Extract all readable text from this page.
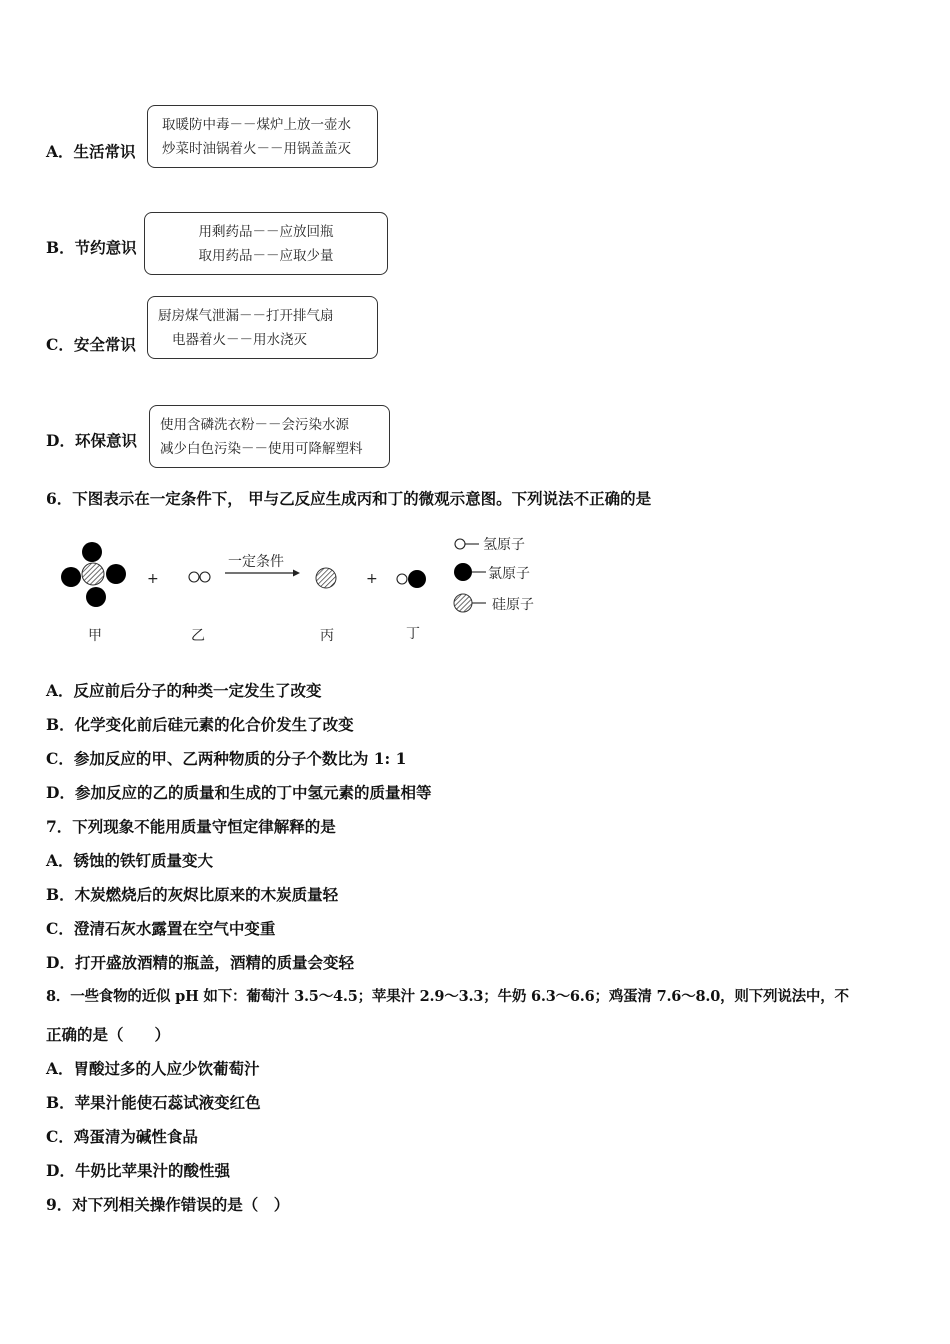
A．生活常识
取暖防中毒－－煤炉上放一壶水
炒菜时油锅着火－－用锅盖盖灭
B．节约意识
用剩药品－－应放回瓶
取用药品－－应取少量
C．安全常识
厨房煤气泄漏－－打开排气扇
电器着火－－用水浇灭
D．环保意识
使用含磷洗衣粉－－会污染水源
减少白色污染－－使用可降解塑料
6．下图表示在一定条件下， 甲与乙反应生成丙和丁的微观示意图。下列说法不正确的是
+
一定条件
+
甲	乙	丙	丁
氢原子
氯原子
硅原子
A．反应前后分子的种类一定发生了改变
B．化学变化前后硅元素的化合价发生了改变
C．参加反应的甲、乙两种物质的分子个数比为 1: 1
D．参加反应的乙的质量和生成的丁中氢元素的质量相等
7．下列现象不能用质量守恒定律解释的是
A．锈蚀的铁钉质量变大
B．木炭燃烧后的灰烬比原来的木炭质量轻
C．澄清石灰水露置在空气中变重
D．打开盛放酒精的瓶盖，酒精的质量会变轻
8．一些食物的近似 pH 如下：葡萄汁 3.5～4.5；苹果汁 2.9～3.3；牛奶 6.3～6.6；鸡蛋清 7.6～8.0，则下列说法中，不
正确的是（　　）
A．胃酸过多的人应少饮葡萄汁
B．苹果汁能使石蕊试液变红色
C．鸡蛋清为碱性食品
D．牛奶比苹果汁的酸性强
9．对下列相关操作错误的是（　）
